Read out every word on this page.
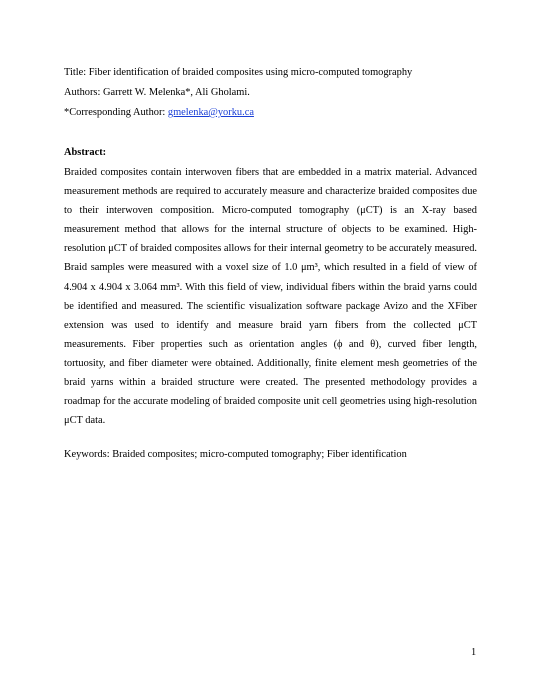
Title: Fiber identification of braided composites using micro-computed tomography
Authors: Garrett W. Melenka*, Ali Gholami.
*Corresponding Author: gmelenka@yorku.ca
Abstract:
Braided composites contain interwoven fibers that are embedded in a matrix material. Advanced
measurement methods are required to accurately measure and characterize braided composites due
to their interwoven composition. Micro-computed tomography (μCT) is an X-ray based
measurement method that allows for the internal structure of objects to be examined. High-
resolution μCT of braided composites allows for their internal geometry to be accurately measured.
Braid samples were measured with a voxel size of 1.0 μm³, which resulted in a field of view of
4.904 x 4.904 x 3.064 mm³. With this field of view, individual fibers within the braid yarns could
be identified and measured. The scientific visualization software package Avizo and the XFiber
extension was used to identify and measure braid yarn fibers from the collected μCT
measurements. Fiber properties such as orientation angles (ϕ and θ), curved fiber length,
tortuosity, and fiber diameter were obtained. Additionally, finite element mesh geometries of the
braid yarns within a braided structure were created. The presented methodology provides a
roadmap for the accurate modeling of braided composite unit cell geometries using high-resolution
μCT data.
Keywords: Braided composites; micro-computed tomography; Fiber identification
1
